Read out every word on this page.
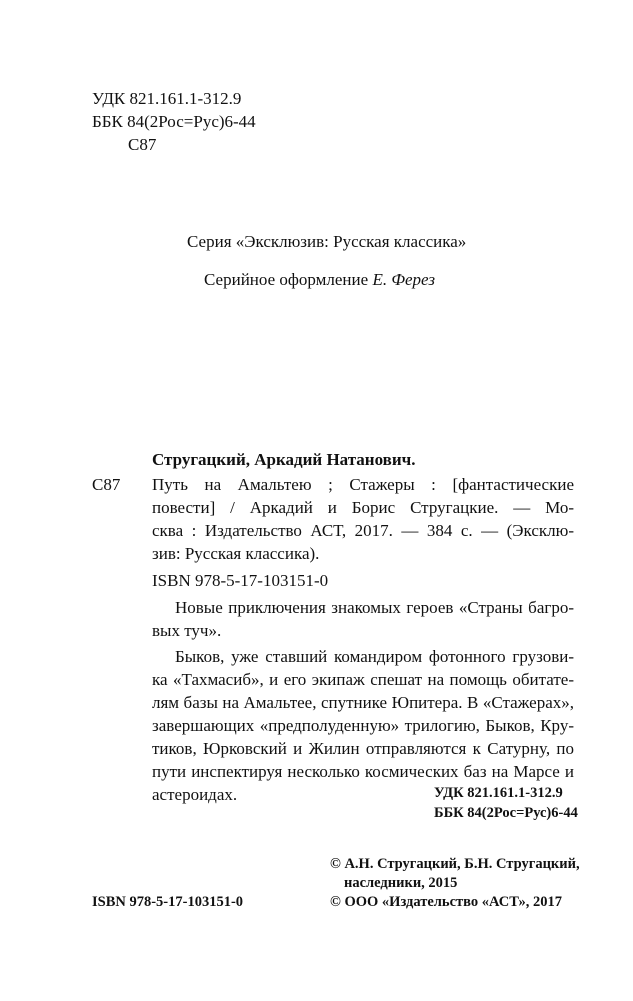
УДК 821.161.1-312.9
ББК 84(2Рос=Рус)6-44
С87
Серия «Эксклюзив: Русская классика»
Серийное оформление Е. Ферез
Стругацкий, Аркадий Натанович.
С87 Путь на Амальтею ; Стажеры : [фантастические
повести] / Аркадий и Борис Стругацкие. — Мо-
сква : Издательство АСТ, 2017. — 384 с. — (Эксклю-
зив: Русская классика).
ISBN 978-5-17-103151-0
Новые приключения знакомых героев «Страны багро-
вых туч».
Быков, уже ставший командиром фотонного грузови-
ка «Тахмасиб», и его экипаж спешат на помощь обитате-
лям базы на Амальтее, спутнике Юпитера. В «Стажерах»,
завершающих «предполуденную» трилогию, Быков, Кру-
тиков, Юрковский и Жилин отправляются к Сатурну, по
пути инспектируя несколько космических баз на Марсе и
астероидах.	УДК 821.161.1-312.9
ББК 84(2Рос=Рус)6-44
© А.Н. Стругацкий, Б.Н. Стругацкий,
наследники, 2015
ISBN 978-5-17-103151-0	© ООО «Издательство «АСТ», 2017
